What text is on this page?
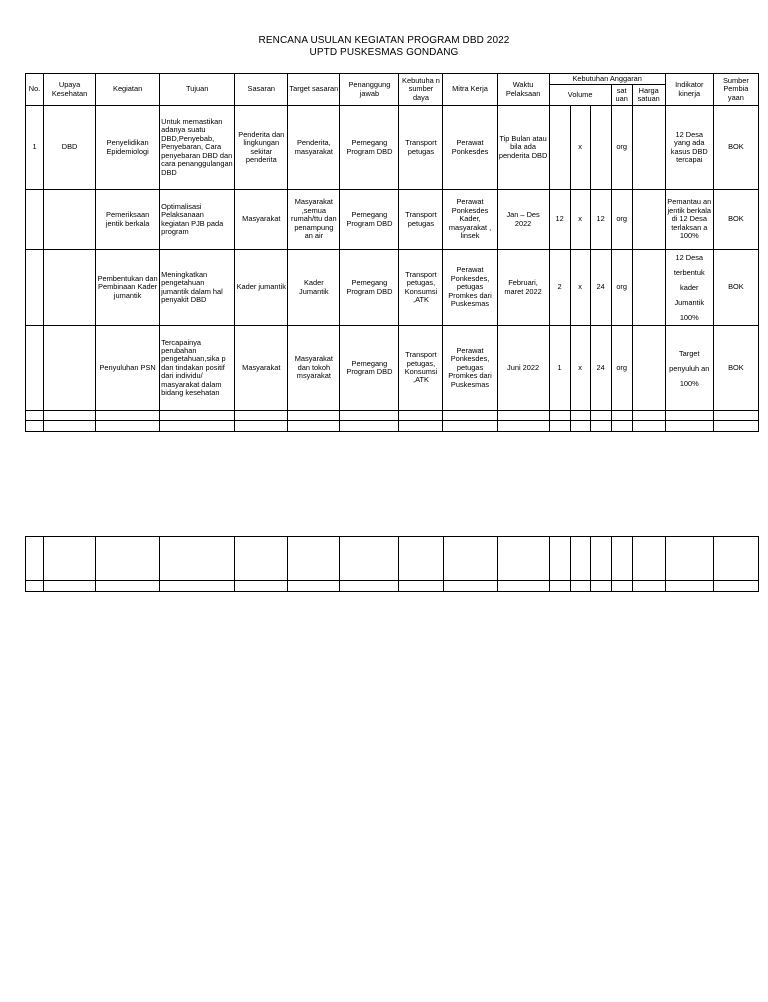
RENCANA USULAN KEGIATAN PROGRAM DBD 2022
UPTD PUSKESMAS GONDANG
No.	Upaya Kesehatan	Kegiatan	Tujuan	Sasaran	Target sasaran	Penanggung jawab	Kebutuha n sumber daya	Mitra Kerja	Waktu Pelaksaan	Kebutuhan Anggaran					Indikator kinerja	Sumber Pembia yaan
										Volume			sat uan	Harga satuan		
1	DBD	Penyelidikan Epidemiologi	Untuk memastikan adanya suatu DBD,Penyebab, Penyebaran, Cara penyebaran DBD dan cara penanggulangan DBD	Penderita dan lingkungan sekitar penderita	Penderita, masyarakat	Pemegang Program DBD	Transport petugas	Perawat Ponkesdes	Tip Bulan atau bila ada penderita DBD		x		org		12 Desa yang ada kasus DBD tercapai	BOK
		Pemeriksaan jentik berkala	Optimalisasi Pelaksanaan kegiatan PJB pada program	Masyarakat	Masyarakat ,semua rumah/ttu dan penampung an air	Pemegang Program DBD	Transport petugas	Perawat Ponkesdes Kader, masyarakat , linsek	Jan – Des 2022	12	x	12	org		Pemantau an jentik berkala di 12 Desa terlaksan a 100%	BOK
		Pembentukan dan Pembinaan Kader jumantik	Meningkatkan pengetahuan jumantik dalam hal penyakit DBD	Kader jumantik	Kader Jumantik	Pemegang Program DBD	Transport petugas, Konsumsi ,ATK	Perawat Ponkesdes, petugas Promkes dari Puskesmas	Februari, maret 2022	2	x	24	org		12 Desa terbentuk kader Jumantik 100%	BOK
		Penyuluhan PSN	Tercapainya perubahan pengetahuan,sika p dan tindakan positif dari individu/ masyarakat dalam bidang kesehatan	Masyarakat	Masyarakat dan tokoh msyarakat	Pemegang Program DBD	Transport petugas, Konsumsi ,ATK	Perawat Ponkesdes, petugas Promkes dari Puskesmas	Juni 2022	1	x	24	org		Target penyuluh an 100%	BOK
